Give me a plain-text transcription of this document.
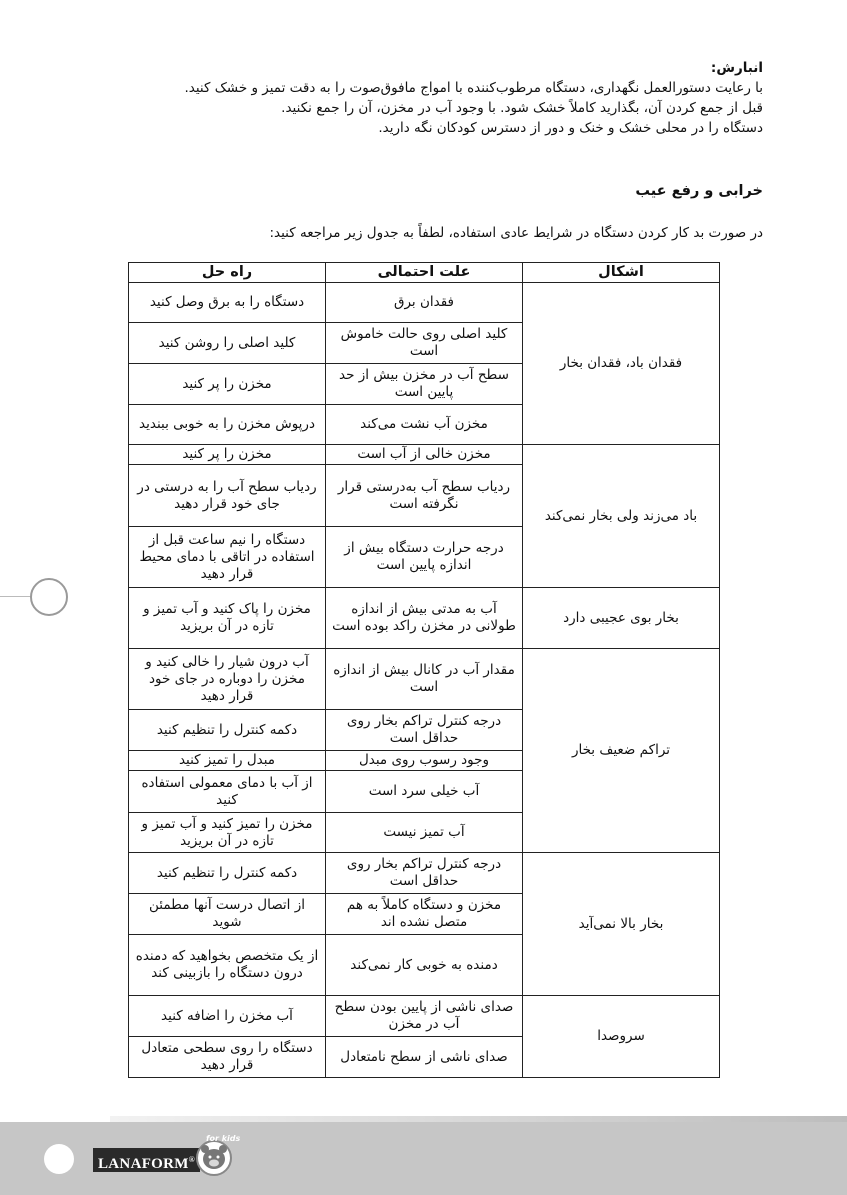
انبارش:

با رعایت دستورالعمل نگهداری، دستگاه مرطوب‌کننده با امواج مافوق‌صوت را به دقت تمیز و خشک کنید.

قبل از جمع کردن آن، بگذارید کاملاً خشک شود. با وجود آب در مخزن، آن را جمع نکنید.

دستگاه را در محلی خشک و خنک و دور از دسترس کودکان نگه دارید.

خرابی و رفع عیب
در صورت بد کار کردن دستگاه در شرایط عادی استفاده، لطفاً به جدول زیر مراجعه کنید:
اشکال	علت احتمالی	راه حل
فقدان باد، فقدان بخار	فقدان برق	دستگاه را به برق وصل کنید
	کلید اصلی روی حالت خاموش است	کلید اصلی را روشن کنید
	سطح آب در مخزن بیش از حد پایین است	مخزن را پر کنید
	مخزن آب نشت می‌کند	درپوش مخزن را به خوبی ببندید
باد می‌زند ولی بخار نمی‌کند	مخزن خالی از آب است	مخزن را پر کنید
	ردیاب سطح آب به‌درستی قرار نگرفته است	ردیاب سطح آب را به درستی در جای خود قرار دهید
	درجه حرارت دستگاه بیش از اندازه پایین است	دستگاه را نیم ساعت قبل از استفاده در اتاقی با دمای محیط قرار دهید
بخار بوی عجیبی دارد	آب به مدتی بیش از اندازه طولانی در مخزن راکد بوده است	مخزن را پاک کنید و آب تمیز و تازه در آن بریزید
تراکم ضعیف بخار	مقدار آب در کانال بیش از اندازه است	آب درون شیار را خالی کنید و مخزن را دوباره در جای خود قرار دهید
	درجه کنترل تراکم بخار روی حداقل است	دکمه کنترل را تنظیم کنید
	وجود رسوب روی مبدل	مبدل را تمیز کنید
	آب خیلی سرد است	از آب با دمای معمولی استفاده کنید
	آب تمیز نیست	مخزن را تمیز کنید و آب تمیز و تازه در آن بریزید
بخار بالا نمی‌آید	درجه کنترل تراکم بخار روی حداقل است	دکمه کنترل را تنظیم کنید
	مخزن و دستگاه کاملاً به هم متصل نشده اند	از اتصال درست آنها مطمئن شوید
	دمنده به خوبی کار نمی‌کند	از یک متخصص بخواهید که دمنده درون دستگاه را بازبینی کند
سروصدا	صدای ناشی از پایین بودن سطح آب در مخزن	آب مخزن را اضافه کنید
	صدای ناشی از سطح نامتعادل	دستگاه را روی سطحی متعادل قرار دهید
LANAFORM®
for kids
